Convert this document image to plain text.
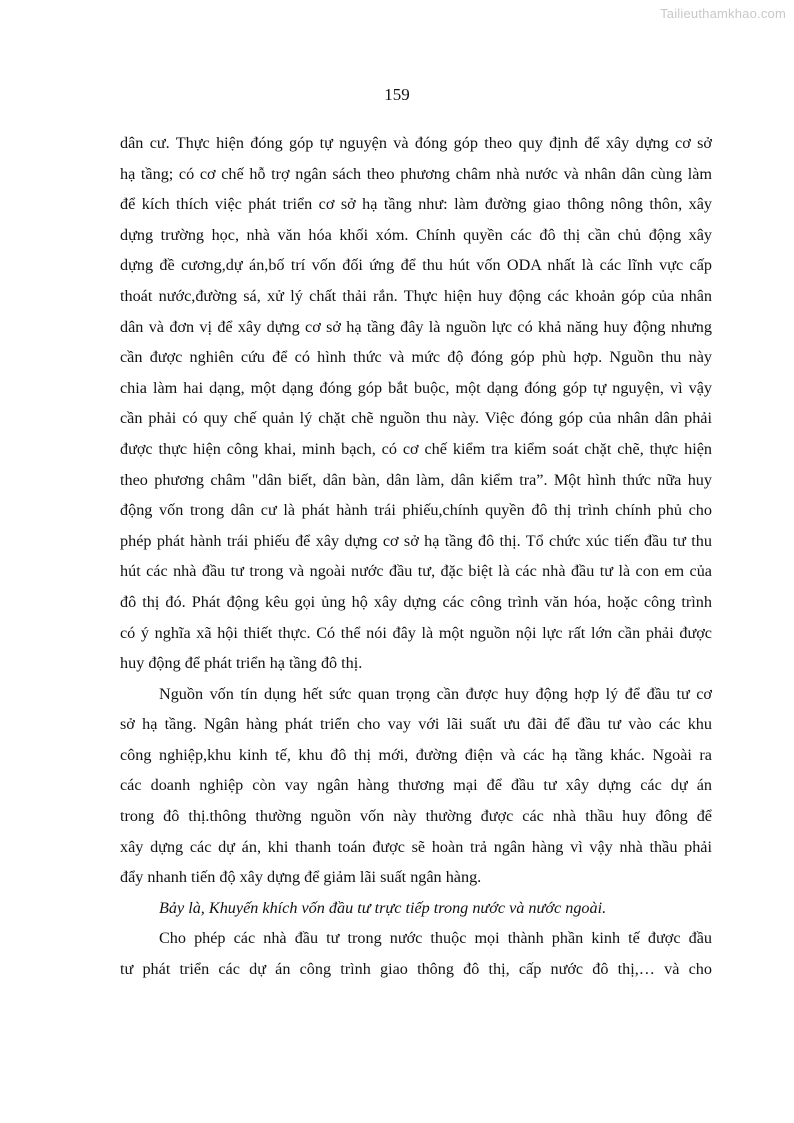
Tailieuthamkhao.com
159
dân cư. Thực hiện đóng góp tự nguyện và đóng góp theo quy định để xây dựng cơ sở
hạ tầng; có cơ chế hỗ trợ ngân sách theo phương châm nhà nước và nhân dân cùng làm
để kích thích việc phát triển cơ sở hạ tầng như: làm đường giao thông nông thôn, xây
dựng trường học, nhà văn hóa khối xóm. Chính quyền các đô thị cần chủ động xây
dựng đề cương,dự án,bố trí vốn đối ứng để thu hút vốn ODA nhất là các lĩnh vực cấp
thoát nước,đường sá, xử lý chất thải rắn. Thực hiện huy động các khoản góp của nhân
dân và đơn vị để xây dựng cơ sở hạ tầng đây là nguồn lực có khả năng huy động nhưng
cần được nghiên cứu để có hình thức và mức độ đóng góp phù hợp. Nguồn thu này
chia làm hai dạng, một dạng đóng góp bắt buộc, một dạng đóng góp tự nguyện, vì vậy
cần phải có quy chế quản lý chặt chẽ nguồn thu này. Việc đóng góp của nhân dân phải
được thực hiện công khai, minh bạch, có cơ chế kiểm tra kiểm soát chặt chẽ, thực hiện
theo phương châm "dân biết, dân bàn, dân làm, dân kiểm tra”. Một hình thức nữa huy
động vốn trong dân cư là phát hành trái phiếu,chính quyền đô thị trình chính phủ cho
phép phát hành trái phiếu để xây dựng cơ sở hạ tầng đô thị. Tổ chức xúc tiến đầu tư thu
hút các nhà đầu tư trong và ngoài nước đầu tư, đặc biệt là các nhà đầu tư là con em của
đô thị đó. Phát động kêu gọi ủng hộ xây dựng các công trình văn hóa, hoặc công trình
có ý nghĩa xã hội thiết thực. Có thể nói đây là một nguồn nội lực rất lớn cần phải được
huy động để phát triển hạ tầng đô thị.
Nguồn vốn tín dụng hết sức quan trọng cần được huy động hợp lý để đầu tư cơ
sở hạ tầng. Ngân hàng phát triển cho vay với lãi suất ưu đãi để đầu tư vào các khu
công nghiệp,khu kinh tế, khu đô thị mới, đường điện và các hạ tầng khác. Ngoài ra
các doanh nghiệp còn vay ngân hàng thương mại để đầu tư xây dựng các dự án
trong đô thị.thông thường nguồn vốn này thường được các nhà thầu huy đông để
xây dựng các dự án, khi thanh toán được sẽ hoàn trả ngân hàng vì vậy nhà thầu phải
đẩy nhanh tiến độ xây dựng để giảm lãi suất ngân hàng.
Bảy là, Khuyến khích vốn đầu tư trực tiếp trong nước và nước ngoài.
Cho phép các nhà đầu tư trong nước thuộc mọi thành phần kinh tế được đầu
tư phát triển các dự án công trình giao thông đô thị, cấp nước đô thị,… và cho
